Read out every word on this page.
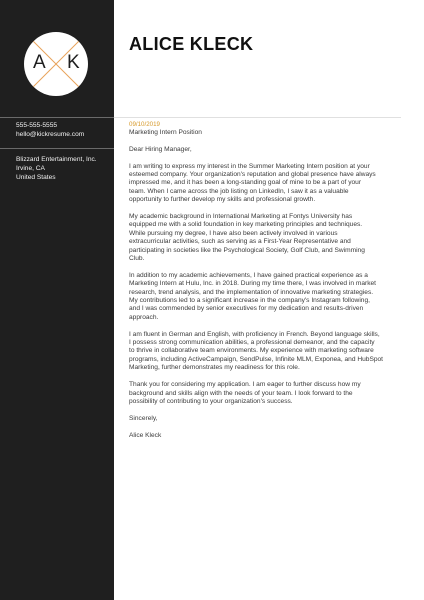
A K
555-555-5555
hello@kickresume.com
Blizzard Entertainment, Inc.
Irvine, CA
United States
ALICE KLECK
09/10/2019
Marketing Intern Position
Dear Hiring Manager,
I am writing to express my interest in the Summer Marketing Intern position at your
esteemed company. Your organization's reputation and global presence have always
impressed me, and it has been a long-standing goal of mine to be a part of your
team. When I came across the job listing on LinkedIn, I saw it as a valuable
opportunity to further develop my skills and professional growth.
My academic background in International Marketing at Fontys University has
equipped me with a solid foundation in key marketing principles and techniques.
While pursuing my degree, I have also been actively involved in various
extracurricular activities, such as serving as a First-Year Representative and
participating in societies like the Psychological Society, Golf Club, and Swimming
Club.
In addition to my academic achievements, I have gained practical experience as a
Marketing Intern at Hulu, Inc. in 2018. During my time there, I was involved in market
research, trend analysis, and the implementation of innovative marketing strategies.
My contributions led to a significant increase in the company's Instagram following,
and I was commended by senior executives for my dedication and results-driven
approach.
I am fluent in German and English, with proficiency in French. Beyond language skills,
I possess strong communication abilities, a professional demeanor, and the capacity
to thrive in collaborative team environments. My experience with marketing software
programs, including ActiveCampaign, SendPulse, Infinite MLM, Exponea, and HubSpot
Marketing, further demonstrates my readiness for this role.
Thank you for considering my application. I am eager to further discuss how my
background and skills align with the needs of your team. I look forward to the
possibility of contributing to your organization's success.
Sincerely,
Alice Kleck
